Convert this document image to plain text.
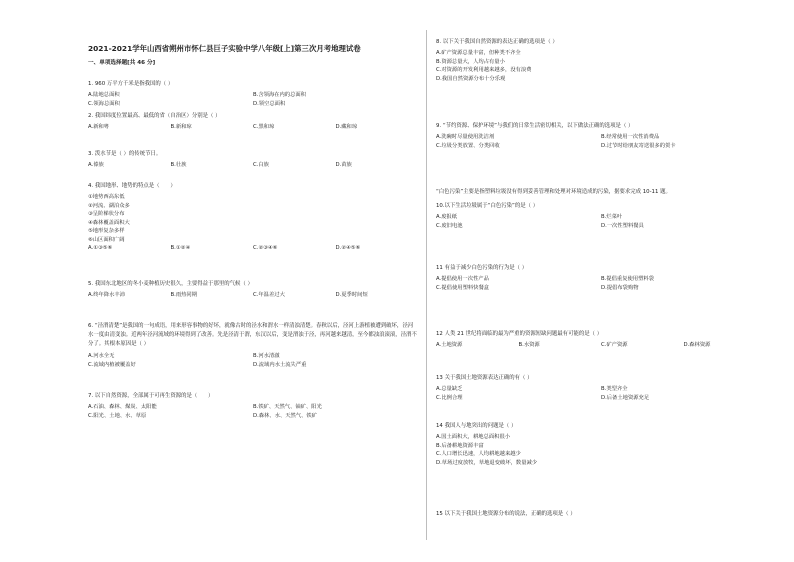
2021-2021学年山西省朔州市怀仁县巨子实验中学八年级[上]第三次月考地理试卷
一、单项选择题[共 46 分]
1. 960 万平方千米是指我国的（ ）
A.陆地总面积	B.含领海在内的总面积
C.领海总面积	D.领空总面积
2. 我国纬度位置最高、最低的省（自治区）分别是（ ）
A.新和粤	B.新和琼	C.黑和琼	D.藏和琼
3. 泼水节是（ ）的传统节日。
A.傣族	B.壮族	C.白族	D.苗族
4. 我国地形、地势的特点是（　　）
①地势西高东低
②河流、湖泊众多
③呈阶梯状分布
④森林覆盖面积大
⑤地形复杂多样
⑥山区面积广阔
A.①③⑤⑥	B.①②④	C.②③④⑥	D.②④⑤⑥
5. 我国东北地区的冬小麦种植历史很久，主要得益于那里的气候（ ）
A.终年降水丰沛	B.雨热同期	C.年温差过大	D.夏季时间短
6. “泾渭清楚”是我国的一句成语，用来形容事物的好坏，就像古时的泾水和渭水一样清浊清楚。春秋以后，泾河上游植被遭到破坏，泾河水一度由清变浊。近两年泾河流域的环境得到了改善。先是泾清于渭，东汉以后，变是渭浊于泾，再河越来越清，至今都浊浪滚滚，泾渭不分了。其根本原因是（ ）
A.河水全无	B.河水清澈
C.流域内植被覆盖好	D.流域内水土流失严重
7. 以下自然资源，全部属于可再生资源的是（　　）
A.石油、森林、煤炭、太阳能	B.铁矿、天然气、铀矿、阳光
C.阳光、土地、水、草原	D.森林、水、天然气、铁矿
“白色污染”主要是指塑料垃圾没有得到妥善管理和处理对环境造成的污染，据要求完成 10-11 题。
8. 以下关于我国自然资源的表达正确的选项是（ ）
A.矿产资源总量丰富，但种类不齐全
B.资源总量大，人均占有量小
C.对资源的开发利用越来越多，没有浪费
D.我国自然资源分布十分乐观
9. “节约资源、保护环境”与我们的日常生活密切相关，以下做法正确的选项是（ ）
A.洗碗时尽量使用洗洁剂	B.经常使用一次性消费品
C.垃圾分类放置、分类回收	D.过节时给朋友寄送很多的贺卡
10.以下生活垃圾属于“白色污染”的是（ ）
A.废报纸	B.烂菜叶
C.废旧电池	D.一次性塑料餐具
11 有益于减少白色污染的行为是（ ）
A.提倡使用一次性产品	B.提倡重复使用塑料袋
C.提倡使用塑料快餐盒	D.提倡布袋购物
12 人类 21 世纪将面临的最为严重的资源短缺问题最有可能的是（ ）
A.土地资源	B.水资源	C.矿产资源	D.森林资源
13 关于我国土地资源表达正确的有（ ）
A.总量缺乏	B.类型齐全
C.比例合理	D.后备土地资源充足
14 我国人与地突出的问题是（ ）
A.国土面积大，耕地总面积很小
B.后备耕地资源丰富
C.人口增长迅速，人均耕地越来越少
D.草场过度放牧，草地退变破坏，数量减少
15 以下关于我国土地资源分布的说法，正确的选项是（ ）
